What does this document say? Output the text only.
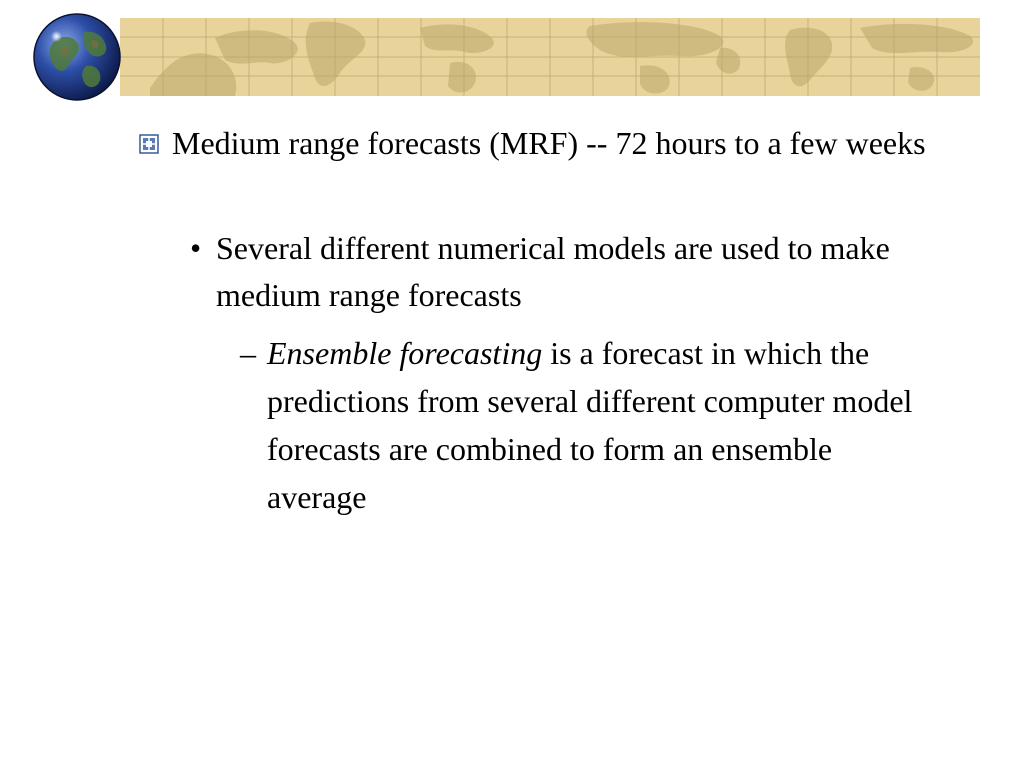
Medium range forecasts (MRF) -- 72 hours to a few weeks
• Several different numerical models are used to make medium range forecasts
– Ensemble forecasting is a forecast in which the predictions from several different computer model forecasts are combined to form an ensemble average
